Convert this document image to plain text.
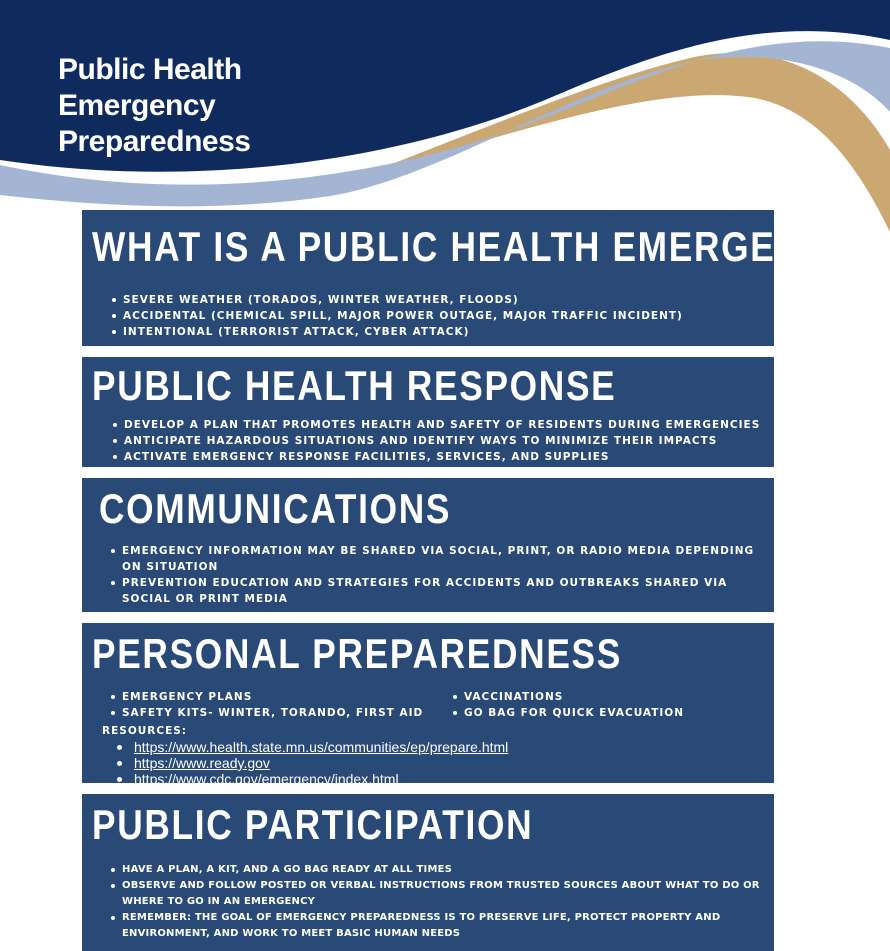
Public Health
Emergency
Preparedness
WHAT IS A PUBLIC HEALTH EMERGENCY
SEVERE WEATHER (TORADOS, WINTER WEATHER, FLOODS)
ACCIDENTAL (CHEMICAL SPILL, MAJOR POWER OUTAGE, MAJOR TRAFFIC INCIDENT)
INTENTIONAL (TERRORIST ATTACK, CYBER ATTACK)
PUBLIC HEALTH RESPONSE
DEVELOP A PLAN THAT PROMOTES HEALTH AND SAFETY OF RESIDENTS DURING EMERGENCIES
ANTICIPATE HAZARDOUS SITUATIONS AND IDENTIFY WAYS TO MINIMIZE THEIR IMPACTS
ACTIVATE EMERGENCY RESPONSE FACILITIES, SERVICES, AND SUPPLIES
COMMUNICATIONS
EMERGENCY INFORMATION MAY BE SHARED VIA SOCIAL, PRINT, OR RADIO MEDIA DEPENDING ON SITUATION
PREVENTION EDUCATION AND STRATEGIES FOR ACCIDENTS AND OUTBREAKS SHARED VIA SOCIAL OR PRINT MEDIA
PERSONAL PREPAREDNESS
EMERGENCY PLANS
SAFETY KITS- WINTER, TORANDO, FIRST AID
VACCINATIONS
GO BAG FOR QUICK EVACUATION
RESOURCES:
https://www.health.state.mn.us/communities/ep/prepare.html
https://www.ready.gov
https://www.cdc.gov/emergency/index.html
PUBLIC PARTICIPATION
HAVE A PLAN, A KIT, AND A GO BAG READY AT ALL TIMES
OBSERVE AND FOLLOW POSTED OR VERBAL INSTRUCTIONS FROM TRUSTED SOURCES ABOUT WHAT TO DO OR WHERE TO GO IN AN EMERGENCY
REMEMBER: THE GOAL OF EMERGENCY PREPAREDNESS IS TO PRESERVE LIFE, PROTECT PROPERTY AND ENVIRONMENT, AND WORK TO MEET BASIC HUMAN NEEDS
